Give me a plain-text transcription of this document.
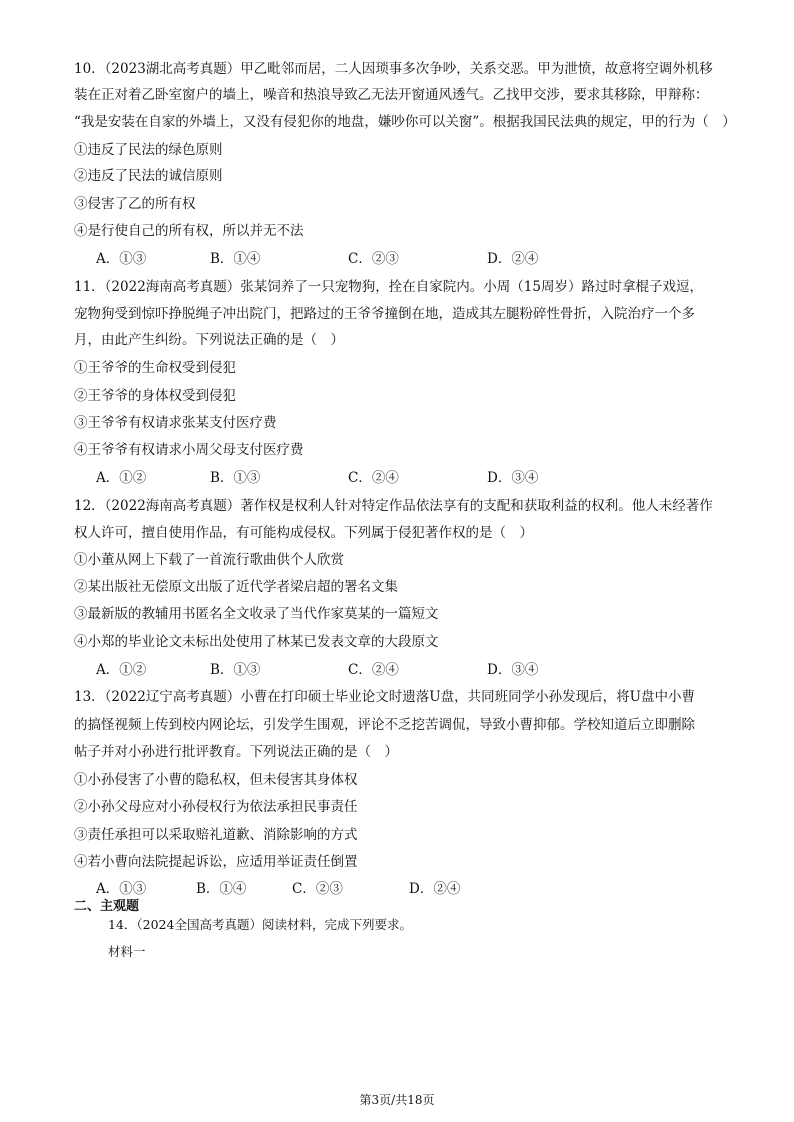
10．（2023湖北高考真题）甲乙毗邻而居，二人因琐事多次争吵，关系交恶。甲为泄愤，故意将空调外机移
装在正对着乙卧室窗户的墙上，噪音和热浪导致乙无法开窗通风透气。乙找甲交涉，要求其移除，甲辩称：
“我是安装在自家的外墙上，又没有侵犯你的地盘，嫌吵你可以关窗”。根据我国民法典的规定，甲的行为（　）
①违反了民法的绿色原则
②违反了民法的诚信原则
③侵害了乙的所有权
④是行使自己的所有权，所以并无不法
A．①③	B．①④	C．②③	D．②④
11．（2022海南高考真题）张某饲养了一只宠物狗，拴在自家院内。小周（15周岁）路过时拿棍子戏逗，
宠物狗受到惊吓挣脱绳子冲出院门，把路过的王爷爷撞倒在地，造成其左腿粉碎性骨折，入院治疗一个多
月，由此产生纠纷。下列说法正确的是（　）
①王爷爷的生命权受到侵犯
②王爷爷的身体权受到侵犯
③王爷爷有权请求张某支付医疗费
④王爷爷有权请求小周父母支付医疗费
A．①②	B．①③	C．②④	D．③④
12．（2022海南高考真题）著作权是权利人针对特定作品依法享有的支配和获取利益的权利。他人未经著作
权人许可，擅自使用作品，有可能构成侵权。下列属于侵犯著作权的是（　）
①小董从网上下载了一首流行歌曲供个人欣赏
②某出版社无偿原文出版了近代学者梁启超的署名文集
③最新版的教辅用书匿名全文收录了当代作家莫某的一篇短文
④小郑的毕业论文未标出处使用了林某已发表文章的大段原文
A．①②	B．①③	C．②④	D．③④
13．（2022辽宁高考真题）小曹在打印硕士毕业论文时遗落U盘，共同班同学小孙发现后，将U盘中小曹
的搞怪视频上传到校内网论坛，引发学生围观，评论不乏挖苦调侃，导致小曹抑郁。学校知道后立即删除
帖子并对小孙进行批评教育。下列说法正确的是（　）
①小孙侵害了小曹的隐私权，但未侵害其身体权
②小孙父母应对小孙侵权行为依法承担民事责任
③责任承担可以采取赔礼道歉、消除影响的方式
④若小曹向法院提起诉讼，应适用举证责任倒置
A．①③	B．①④	C．②③	D．②④
二、主观题
14．（2024全国高考真题）阅读材料，完成下列要求。
材料一
第3页/共18页
